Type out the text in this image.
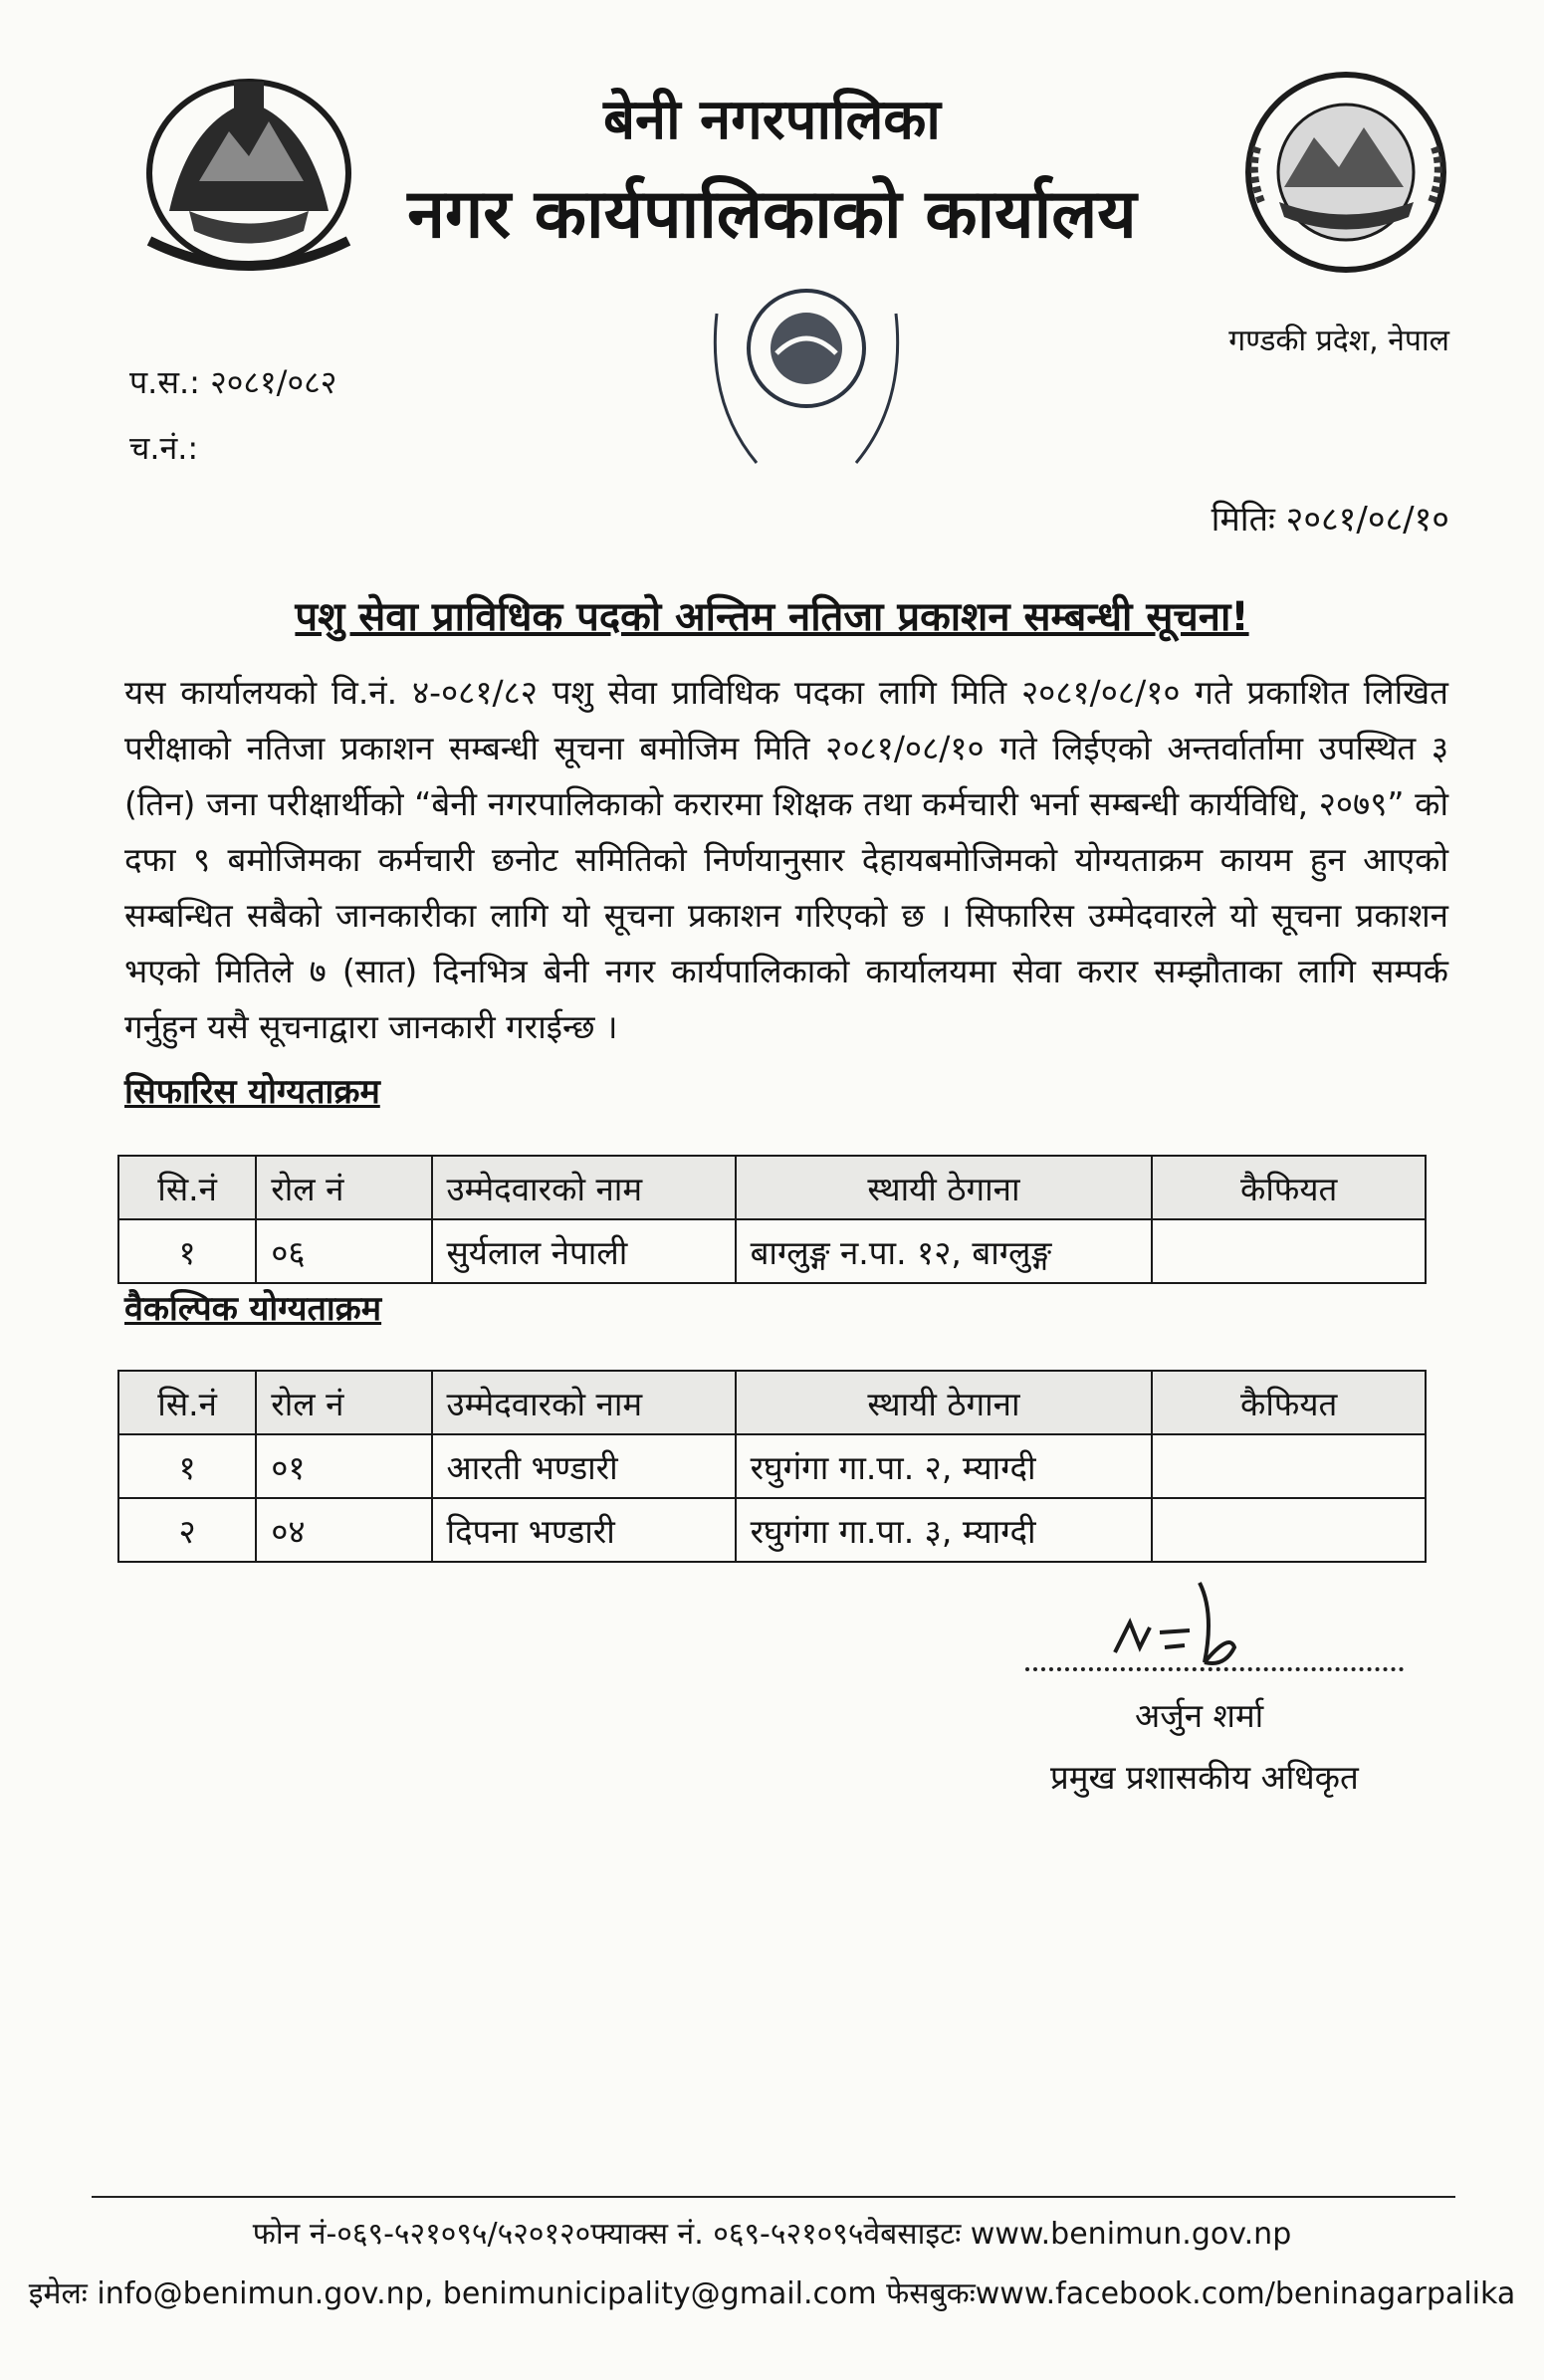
बेनी नगरपालिका
नगर कार्यपालिकाको कार्यालय
गण्डकी प्रदेश, नेपाल
प.स.: २०८१/०८२
च.नं.:
मितिः २०८१/०८/१०
पशु सेवा प्राविधिक पदको अन्तिम नतिजा प्रकाशन सम्बन्धी सूचना!
यस कार्यालयको वि.नं. ४-०८१/८२ पशु सेवा प्राविधिक पदका लागि मिति २०८१/०८/१० गते प्रकाशित लिखित परीक्षाको नतिजा प्रकाशन सम्बन्धी सूचना बमोजिम मिति २०८१/०८/१० गते लिईएको अन्तर्वार्तामा उपस्थित ३ (तिन) जना परीक्षार्थीको “बेनी नगरपालिकाको करारमा शिक्षक तथा कर्मचारी भर्ना सम्बन्धी कार्यविधि, २०७९” को दफा ९ बमोजिमका कर्मचारी छनोट समितिको निर्णयानुसार देहायबमोजिमको योग्यताक्रम कायम हुन आएको सम्बन्धित सबैको जानकारीका लागि यो सूचना प्रकाशन गरिएको छ । सिफारिस उम्मेदवारले यो सूचना प्रकाशन भएको मितिले ७ (सात) दिनभित्र बेनी नगर कार्यपालिकाको कार्यालयमा सेवा करार सम्झौताका लागि सम्पर्क गर्नुहुन यसै सूचनाद्वारा जानकारी गराईन्छ ।
सिफारिस योग्यताक्रम
सि.नं	रोल नं	उम्मेदवारको नाम	स्थायी ठेगाना	कैफियत
१	०६	सुर्यलाल नेपाली	बाग्लुङ्ग न.पा. १२, बाग्लुङ्ग	
वैकल्पिक योग्यताक्रम
सि.नं	रोल नं	उम्मेदवारको नाम	स्थायी ठेगाना	कैफियत
१	०१	आरती भण्डारी	रघुगंगा गा.पा. २, म्याग्दी	
२	०४	दिपना भण्डारी	रघुगंगा गा.पा. ३, म्याग्दी	
अर्जुन शर्मा
प्रमुख प्रशासकीय अधिकृत
फोन नं-०६९-५२१०९५/५२०१२०फ्याक्स नं. ०६९-५२१०९५वेबसाइटः www.benimun.gov.np
इमेलः info@benimun.gov.np, benimunicipality@gmail.com फेसबुकःwww.facebook.com/beninagarpalika
